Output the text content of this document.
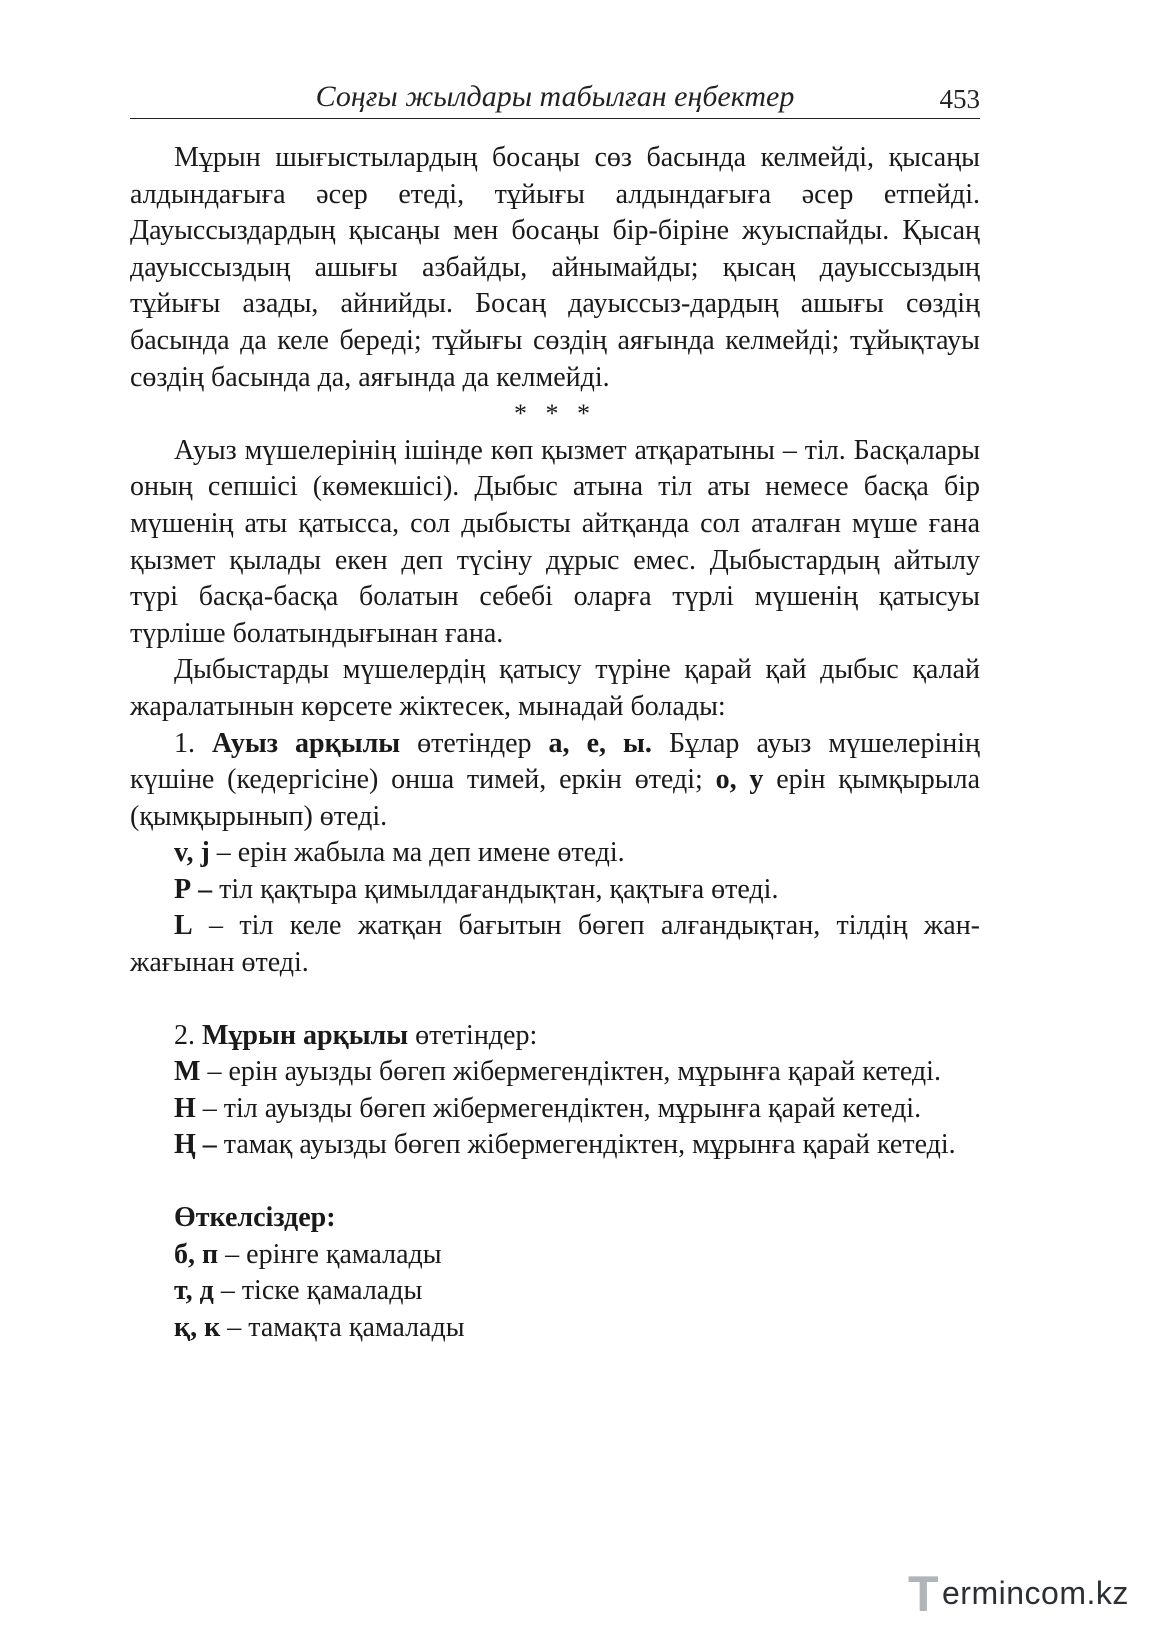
Соңғы жылдары табылған еңбектер	453

Мұрын шығыстылардың босаңы сөз басында келмейді, қысаңы алдындағыға әсер етеді, тұйығы алдындағыға әсер етпейді. Дауыссыздардың қысаңы мен босаңы бір-біріне жуыспайды. Қысаң дауыссыздың ашығы азбайды, айнымайды; қысаң дауыссыздың тұйығы азады, айнийды. Босаң дауыссыз-дардың ашығы сөздің басында да келе береді; тұйығы сөздің аяғында келмейді; тұйықтауы сөздің басында да, аяғында да келмейді.

* * *

Ауыз мүшелерінің ішінде көп қызмет атқаратыны – тіл. Басқалары оның сепшісі (көмекшісі). Дыбыс атына тіл аты немесе басқа бір мүшенің аты қатысса, сол дыбысты айтқанда сол аталған мүше ғана қызмет қылады екен деп түсіну дұрыс емес. Дыбыстардың айтылу түрі басқа-басқа болатын себебі оларға түрлі мүшенің қатысуы түрліше болатындығынан ғана.

Дыбыстарды мүшелердің қатысу түріне қарай қай дыбыс қалай жаралатынын көрсете жіктесек, мынадай болады:

1. Ауыз арқылы өтетіндер а, е, ы. Бұлар ауыз мүшелерінің күшіне (кедергісіне) онша тимей, еркін өтеді; о, у ерін қымқырыла (қымқырынып) өтеді.

v, j – ерін жабыла ма деп имене өтеді.

Р – тіл қақтыра қимылдағандықтан, қақтыға өтеді.

L – тіл келе жатқан бағытын бөгеп алғандықтан, тілдің жан-жағынан өтеді.

2. Мұрын арқылы өтетіндер:

М – ерін ауызды бөгеп жібермегендіктен, мұрынға қарай кетеді.

Н – тіл ауызды бөгеп жібермегендіктен, мұрынға қарай кетеді.

Ң – тамақ ауызды бөгеп жібермегендіктен, мұрынға қарай кетеді.

Өткелсіздер:

б, п – ерінге қамалады

т, д – тіске қамалады

қ, к – тамақта қамалады

T ermincom.kz
